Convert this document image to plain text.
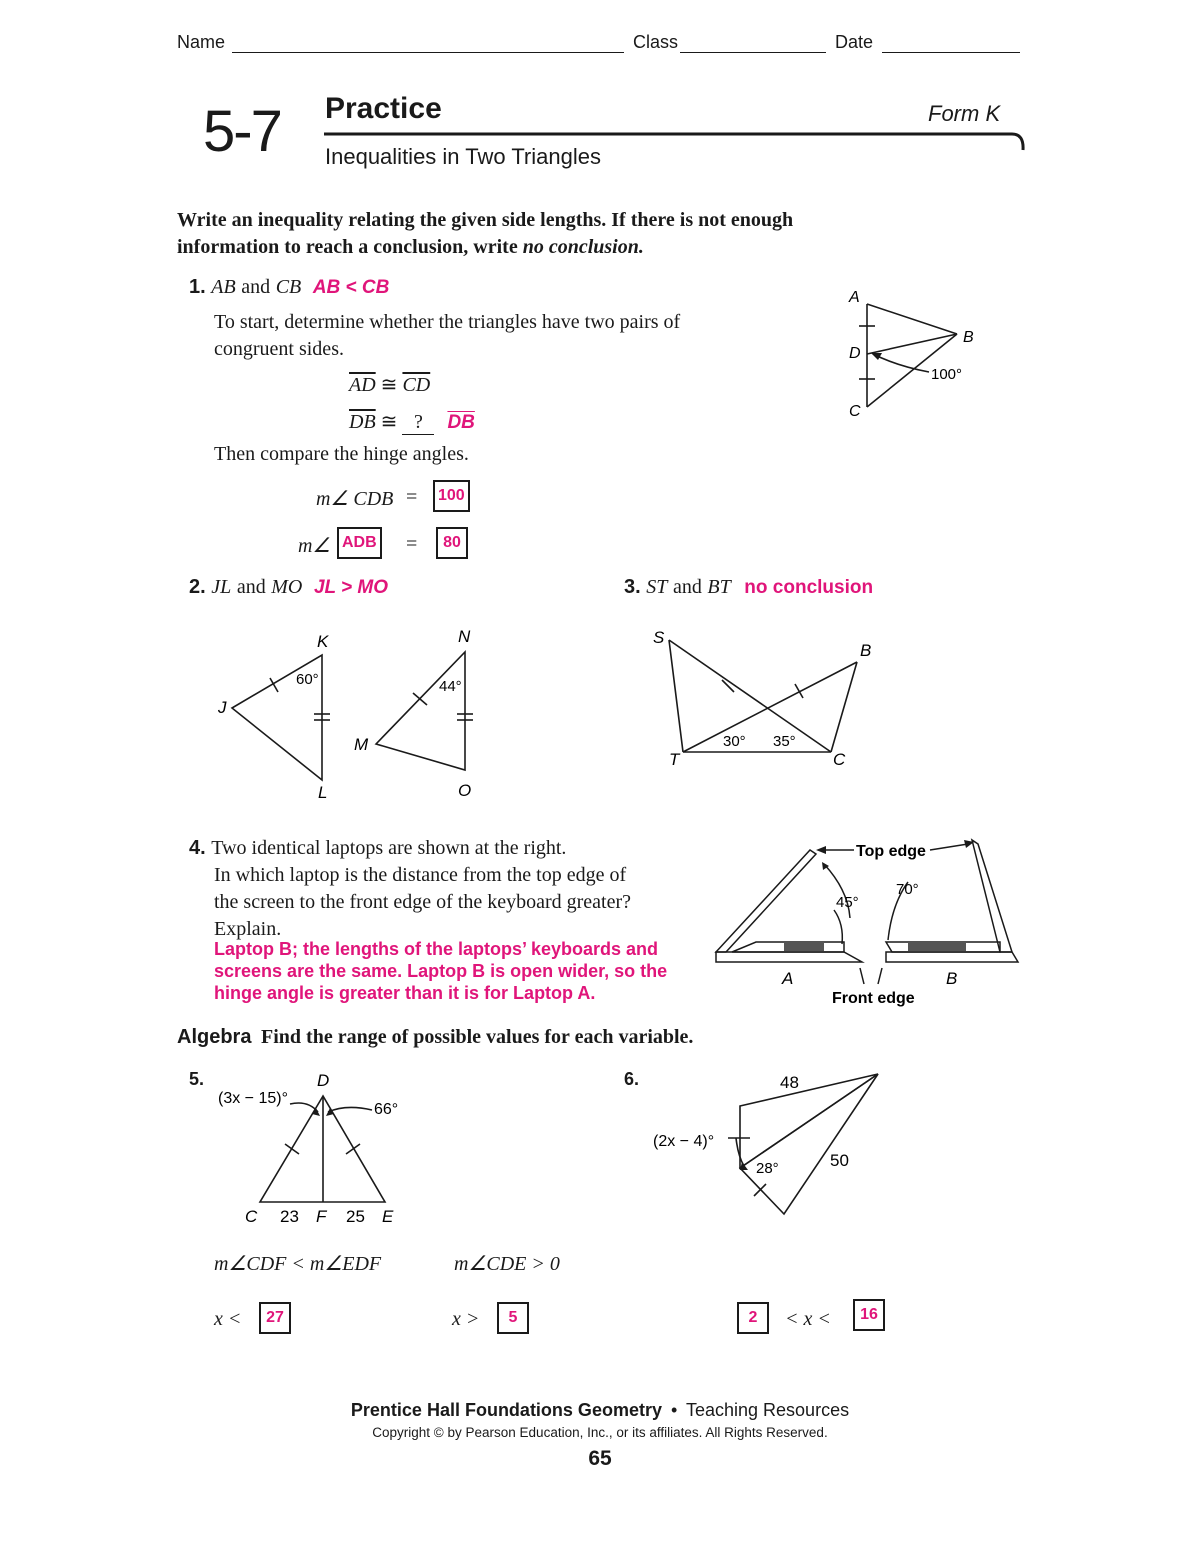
Name	Class	Date
5-7 Practice	Form K
Inequalities in Two Triangles
Write an inequality relating the given side lengths. If there is not enough
information to reach a conclusion, write no conclusion.
1. AB and CB AB < CB
To start, determine whether the triangles have two pairs of
congruent sides.
$\overline{AD}$ ≅ $\overline{CD}$
$\overline{DB}$ ≅ ? $\overline{DB}$
Then compare the hinge angles.
m∠ CDB =	100
m∠ ADB =	80
A
B
D
C
100°
2. JL and MO JL > MO
K
J
L
60°
N
M
O
44°
3. ST and BT no conclusion
S
B
T	C
30° 35°
4. Two identical laptops are shown at the right.
In which laptop is the distance from the top edge of
the screen to the front edge of the keyboard greater?
Explain.
Laptop B; the lengths of the laptops’ keyboards and
screens are the same. Laptop B is open wider, so the
hinge angle is greater than it is for Laptop A.
Top edge
70°
45°
A	B
Front edge
Algebra Find the range of possible values for each variable.
5.	D
(3x − 15)°
66°
C 23 F 25 E
m∠CDF < m∠EDF	m∠CDE > 0
x <	27	x >	5
6.	48
(2x − 4)°
28°	50
2	< x <	16
Prentice Hall Foundations Geometry • Teaching Resources
Copyright © by Pearson Education, Inc., or its affiliates. All Rights Reserved.
65
